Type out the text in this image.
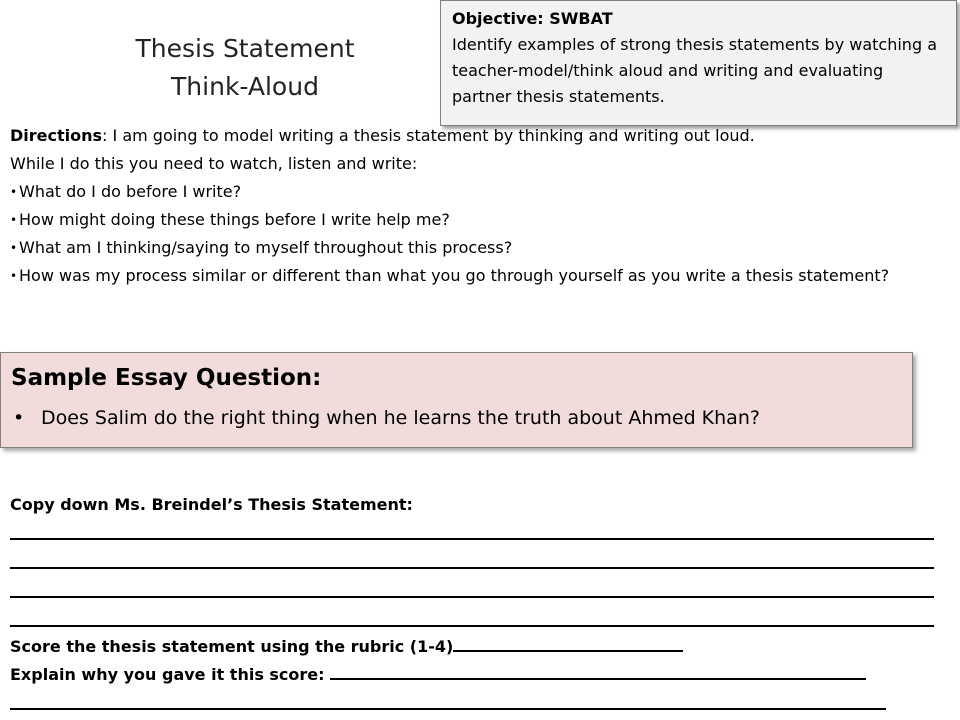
Thesis Statement
Think-Aloud
Objective: SWBAT
Identify examples of strong thesis statements by watching a teacher-model/think aloud and writing and evaluating partner thesis statements.
Directions: I am going to model writing a thesis statement by thinking and writing out loud.
While I do this you need to watch, listen and write:
• What do I do before I write?
• How might doing these things before I write help me?
• What am I thinking/saying to myself throughout this process?
• How was my process similar or different than what you go through yourself as you write a thesis statement?
Sample Essay Question:
• Does Salim do the right thing when he learns the truth about Ahmed Khan?
Copy down Ms. Breindel’s Thesis Statement:
Score the thesis statement using the rubric (1-4)
Explain why you gave it this score:
